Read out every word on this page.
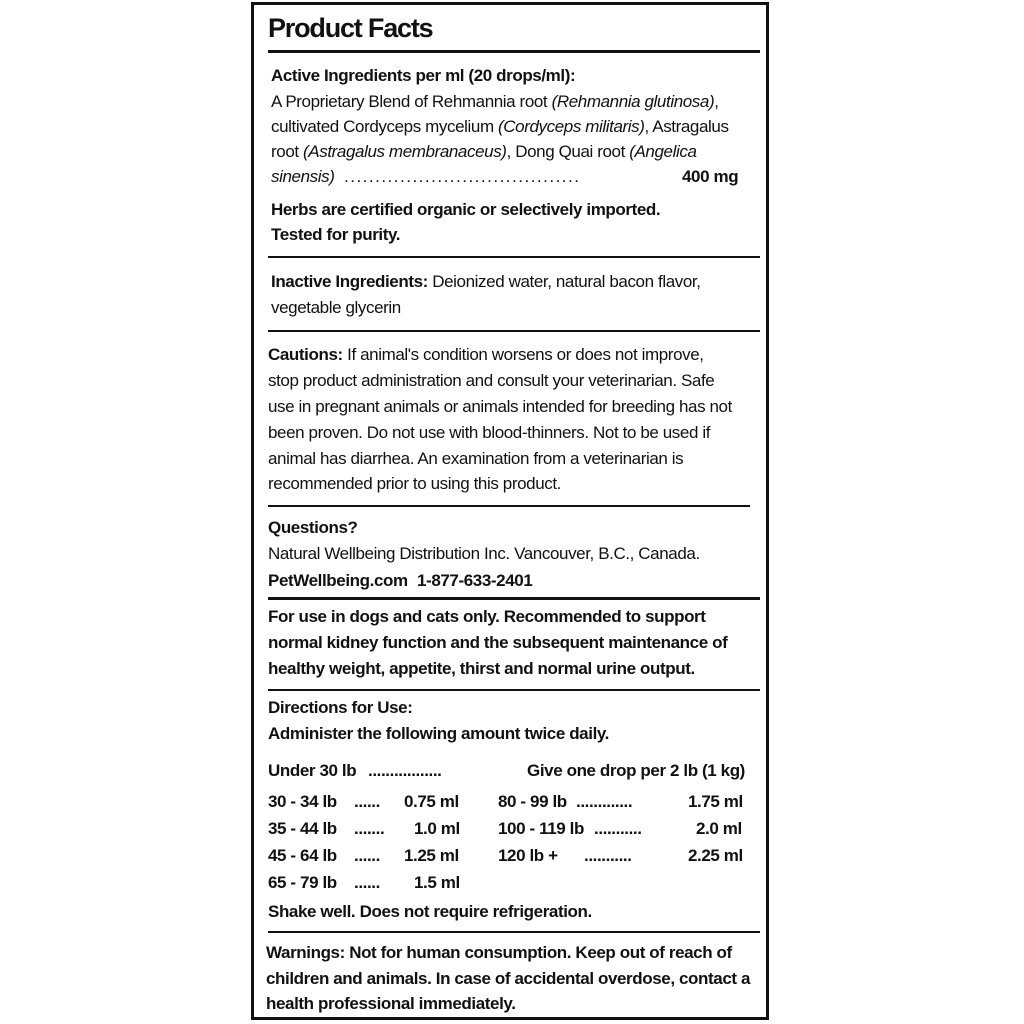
Product Facts
Active Ingredients per ml (20 drops/ml):
A Proprietary Blend of Rehmannia root (Rehmannia glutinosa),
cultivated Cordyceps mycelium (Cordyceps militaris), Astragalus
root (Astragalus membranaceus), Dong Quai root (Angelica
sinensis) ......................................	400 mg
Herbs are certified organic or selectively imported.
Tested for purity.
Inactive Ingredients: Deionized water, natural bacon flavor,
vegetable glycerin
Cautions: If animal's condition worsens or does not improve,
stop product administration and consult your veterinarian. Safe
use in pregnant animals or animals intended for breeding has not
been proven. Do not use with blood-thinners. Not to be used if
animal has diarrhea. An examination from a veterinarian is
recommended prior to using this product.
Questions?
Natural Wellbeing Distribution Inc. Vancouver, B.C., Canada.
PetWellbeing.com 1-877-633-2401
For use in dogs and cats only. Recommended to support
normal kidney function and the subsequent maintenance of
healthy weight, appetite, thirst and normal urine output.
Directions for Use:
Administer the following amount twice daily.
Under 30 lb .................	Give one drop per 2 lb (1 kg)
30 - 34 lb ...... 0.75 ml
35 - 44 lb ....... 1.0 ml
45 - 64 lb ...... 1.25 ml
65 - 79 lb ...... 1.5 ml
80 - 99 lb .............	1.75 ml
100 - 119 lb ...........	2.0 ml
120 lb + ...........	2.25 ml
Shake well. Does not require refrigeration.
Warnings: Not for human consumption. Keep out of reach of
children and animals. In case of accidental overdose, contact a
health professional immediately.
